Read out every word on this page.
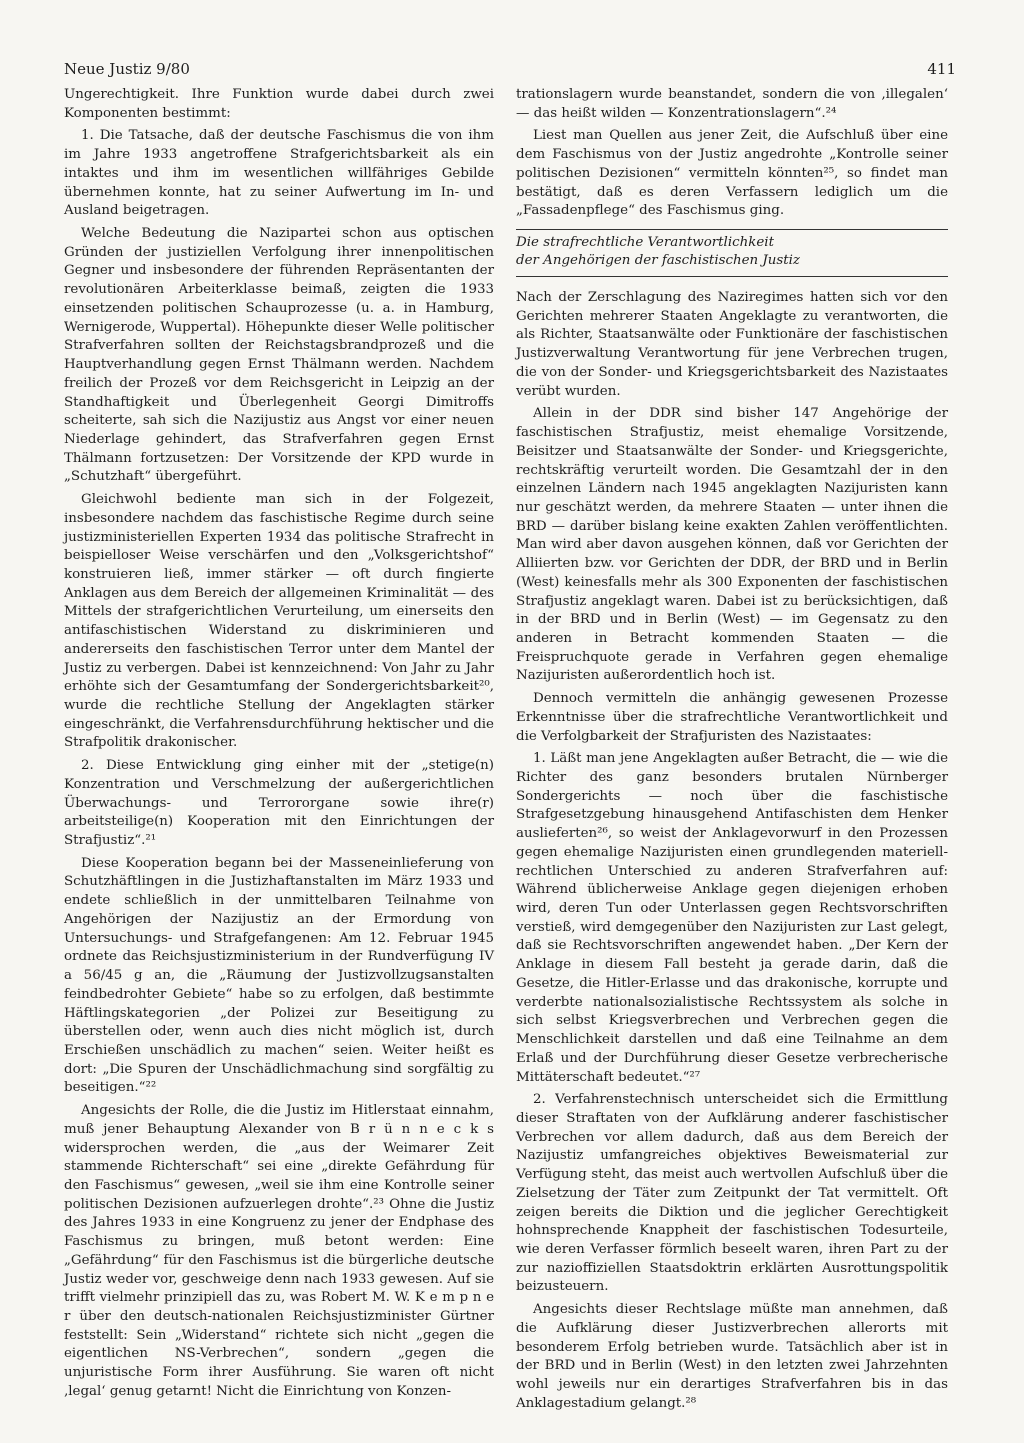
Neue Justiz 9/80	411

Ungerechtigkeit. Ihre Funktion wurde dabei durch zwei Komponenten bestimmt:

1. Die Tatsache, daß der deutsche Faschismus die von ihm im Jahre 1933 angetroffene Strafgerichtsbarkeit als ein intaktes und ihm im wesentlichen willfähriges Gebilde übernehmen konnte, hat zu seiner Aufwertung im In- und Ausland beigetragen.

Welche Bedeutung die Nazipartei schon aus optischen Gründen der justiziellen Verfolgung ihrer innenpolitischen Gegner und insbesondere der führenden Repräsentanten der revolutionären Arbeiterklasse beimaß, zeigten die 1933 einsetzenden politischen Schauprozesse (u. a. in Hamburg, Wernigerode, Wuppertal). Höhepunkte dieser Welle politischer Strafverfahren sollten der Reichstagsbrandprozeß und die Hauptverhandlung gegen Ernst Thälmann werden. Nachdem freilich der Prozeß vor dem Reichsgericht in Leipzig an der Standhaftigkeit und Überlegenheit Georgi Dimitroffs scheiterte, sah sich die Nazijustiz aus Angst vor einer neuen Niederlage gehindert, das Strafverfahren gegen Ernst Thälmann fortzusetzen: Der Vorsitzende der KPD wurde in „Schutzhaft“ übergeführt.

Gleichwohl bediente man sich in der Folgezeit, insbesondere nachdem das faschistische Regime durch seine justizministeriellen Experten 1934 das politische Strafrecht in beispielloser Weise verschärfen und den „Volksgerichtshof“ konstruieren ließ, immer stärker — oft durch fingierte Anklagen aus dem Bereich der allgemeinen Kriminalität — des Mittels der strafgerichtlichen Verurteilung, um einerseits den antifaschistischen Widerstand zu diskriminieren und andererseits den faschistischen Terror unter dem Mantel der Justiz zu verbergen. Dabei ist kennzeichnend: Von Jahr zu Jahr erhöhte sich der Gesamtumfang der Sondergerichtsbarkeit²⁰, wurde die rechtliche Stellung der Angeklagten stärker eingeschränkt, die Verfahrensdurchführung hektischer und die Strafpolitik drakonischer.

2. Diese Entwicklung ging einher mit der „stetige(n) Konzentration und Verschmelzung der außergerichtlichen Überwachungs- und Terrororgane sowie ihre(r) arbeitsteilige(n) Kooperation mit den Einrichtungen der Strafjustiz“.²¹

Diese Kooperation begann bei der Masseneinlieferung von Schutzhäftlingen in die Justizhaftanstalten im März 1933 und endete schließlich in der unmittelbaren Teilnahme von Angehörigen der Nazijustiz an der Ermordung von Untersuchungs- und Strafgefangenen: Am 12. Februar 1945 ordnete das Reichsjustizministerium in der Rundverfügung IV a 56/45 g an, die „Räumung der Justizvollzugsanstalten feindbedrohter Gebiete“ habe so zu erfolgen, daß bestimmte Häftlingskategorien „der Polizei zur Beseitigung zu überstellen oder, wenn auch dies nicht möglich ist, durch Erschießen unschädlich zu machen“ seien. Weiter heißt es dort: „Die Spuren der Unschädlichmachung sind sorgfältig zu beseitigen.“²²

Angesichts der Rolle, die die Justiz im Hitlerstaat einnahm, muß jener Behauptung Alexander von B r ü n n e c k s widersprochen werden, die „aus der Weimarer Zeit stammende Richterschaft“ sei eine „direkte Gefährdung für den Faschismus“ gewesen, „weil sie ihm eine Kontrolle seiner politischen Dezisionen aufzuerlegen drohte“.²³ Ohne die Justiz des Jahres 1933 in eine Kongruenz zu jener der Endphase des Faschismus zu bringen, muß betont werden: Eine „Gefährdung“ für den Faschismus ist die bürgerliche deutsche Justiz weder vor, geschweige denn nach 1933 gewesen. Auf sie trifft vielmehr prinzipiell das zu, was Robert M. W. K e m p n e r über den deutsch-nationalen Reichsjustizminister Gürtner feststellt: Sein „Widerstand“ richtete sich nicht „gegen die eigentlichen NS-Verbrechen“, sondern „gegen die unjuristische Form ihrer Ausführung. Sie waren oft nicht ‚legal‘ genug getarnt! Nicht die Einrichtung von Konzen-

trationslagern wurde beanstandet, sondern die von ‚illegalen‘ — das heißt wilden — Konzentrationslagern“.²⁴

Liest man Quellen aus jener Zeit, die Aufschluß über eine dem Faschismus von der Justiz angedrohte „Kontrolle seiner politischen Dezisionen“ vermitteln könnten²⁵, so findet man bestätigt, daß es deren Verfassern lediglich um die „Fassadenpflege“ des Faschismus ging.

Die strafrechtliche Verantwortlichkeit
der Angehörigen der faschistischen Justiz

Nach der Zerschlagung des Naziregimes hatten sich vor den Gerichten mehrerer Staaten Angeklagte zu verantworten, die als Richter, Staatsanwälte oder Funktionäre der faschistischen Justizverwaltung Verantwortung für jene Verbrechen trugen, die von der Sonder- und Kriegsgerichtsbarkeit des Nazistaates verübt wurden.

Allein in der DDR sind bisher 147 Angehörige der faschistischen Strafjustiz, meist ehemalige Vorsitzende, Beisitzer und Staatsanwälte der Sonder- und Kriegsgerichte, rechtskräftig verurteilt worden. Die Gesamtzahl der in den einzelnen Ländern nach 1945 angeklagten Nazijuristen kann nur geschätzt werden, da mehrere Staaten — unter ihnen die BRD — darüber bislang keine exakten Zahlen veröffentlichten. Man wird aber davon ausgehen können, daß vor Gerichten der Alliierten bzw. vor Gerichten der DDR, der BRD und in Berlin (West) keinesfalls mehr als 300 Exponenten der faschistischen Strafjustiz angeklagt waren. Dabei ist zu berücksichtigen, daß in der BRD und in Berlin (West) — im Gegensatz zu den anderen in Betracht kommenden Staaten — die Freispruchquote gerade in Verfahren gegen ehemalige Nazijuristen außerordentlich hoch ist.

Dennoch vermitteln die anhängig gewesenen Prozesse Erkenntnisse über die strafrechtliche Verantwortlichkeit und die Verfolgbarkeit der Strafjuristen des Nazistaates:

1. Läßt man jene Angeklagten außer Betracht, die — wie die Richter des ganz besonders brutalen Nürnberger Sondergerichts — noch über die faschistische Strafgesetzgebung hinausgehend Antifaschisten dem Henker auslieferten²⁶, so weist der Anklagevorwurf in den Prozessen gegen ehemalige Nazijuristen einen grundlegenden materiell-rechtlichen Unterschied zu anderen Strafverfahren auf: Während üblicherweise Anklage gegen diejenigen erhoben wird, deren Tun oder Unterlassen gegen Rechtsvorschriften verstieß, wird demgegenüber den Nazijuristen zur Last gelegt, daß sie Rechtsvorschriften angewendet haben. „Der Kern der Anklage in diesem Fall besteht ja gerade darin, daß die Gesetze, die Hitler-Erlasse und das drakonische, korrupte und verderbte nationalsozialistische Rechtssystem als solche in sich selbst Kriegsverbrechen und Verbrechen gegen die Menschlichkeit darstellen und daß eine Teilnahme an dem Erlaß und der Durchführung dieser Gesetze verbrecherische Mittäterschaft bedeutet.“²⁷

2. Verfahrenstechnisch unterscheidet sich die Ermittlung dieser Straftaten von der Aufklärung anderer faschistischer Verbrechen vor allem dadurch, daß aus dem Bereich der Nazijustiz umfangreiches objektives Beweismaterial zur Verfügung steht, das meist auch wertvollen Aufschluß über die Zielsetzung der Täter zum Zeitpunkt der Tat vermittelt. Oft zeigen bereits die Diktion und die jeglicher Gerechtigkeit hohnsprechende Knappheit der faschistischen Todesurteile, wie deren Verfasser förmlich beseelt waren, ihren Part zu der zur nazioffiziellen Staatsdoktrin erklärten Ausrottungspolitik beizusteuern.

Angesichts dieser Rechtslage müßte man annehmen, daß die Aufklärung dieser Justizverbrechen allerorts mit besonderem Erfolg betrieben wurde. Tatsächlich aber ist in der BRD und in Berlin (West) in den letzten zwei Jahrzehnten wohl jeweils nur ein derartiges Strafverfahren bis in das Anklagestadium gelangt.²⁸
